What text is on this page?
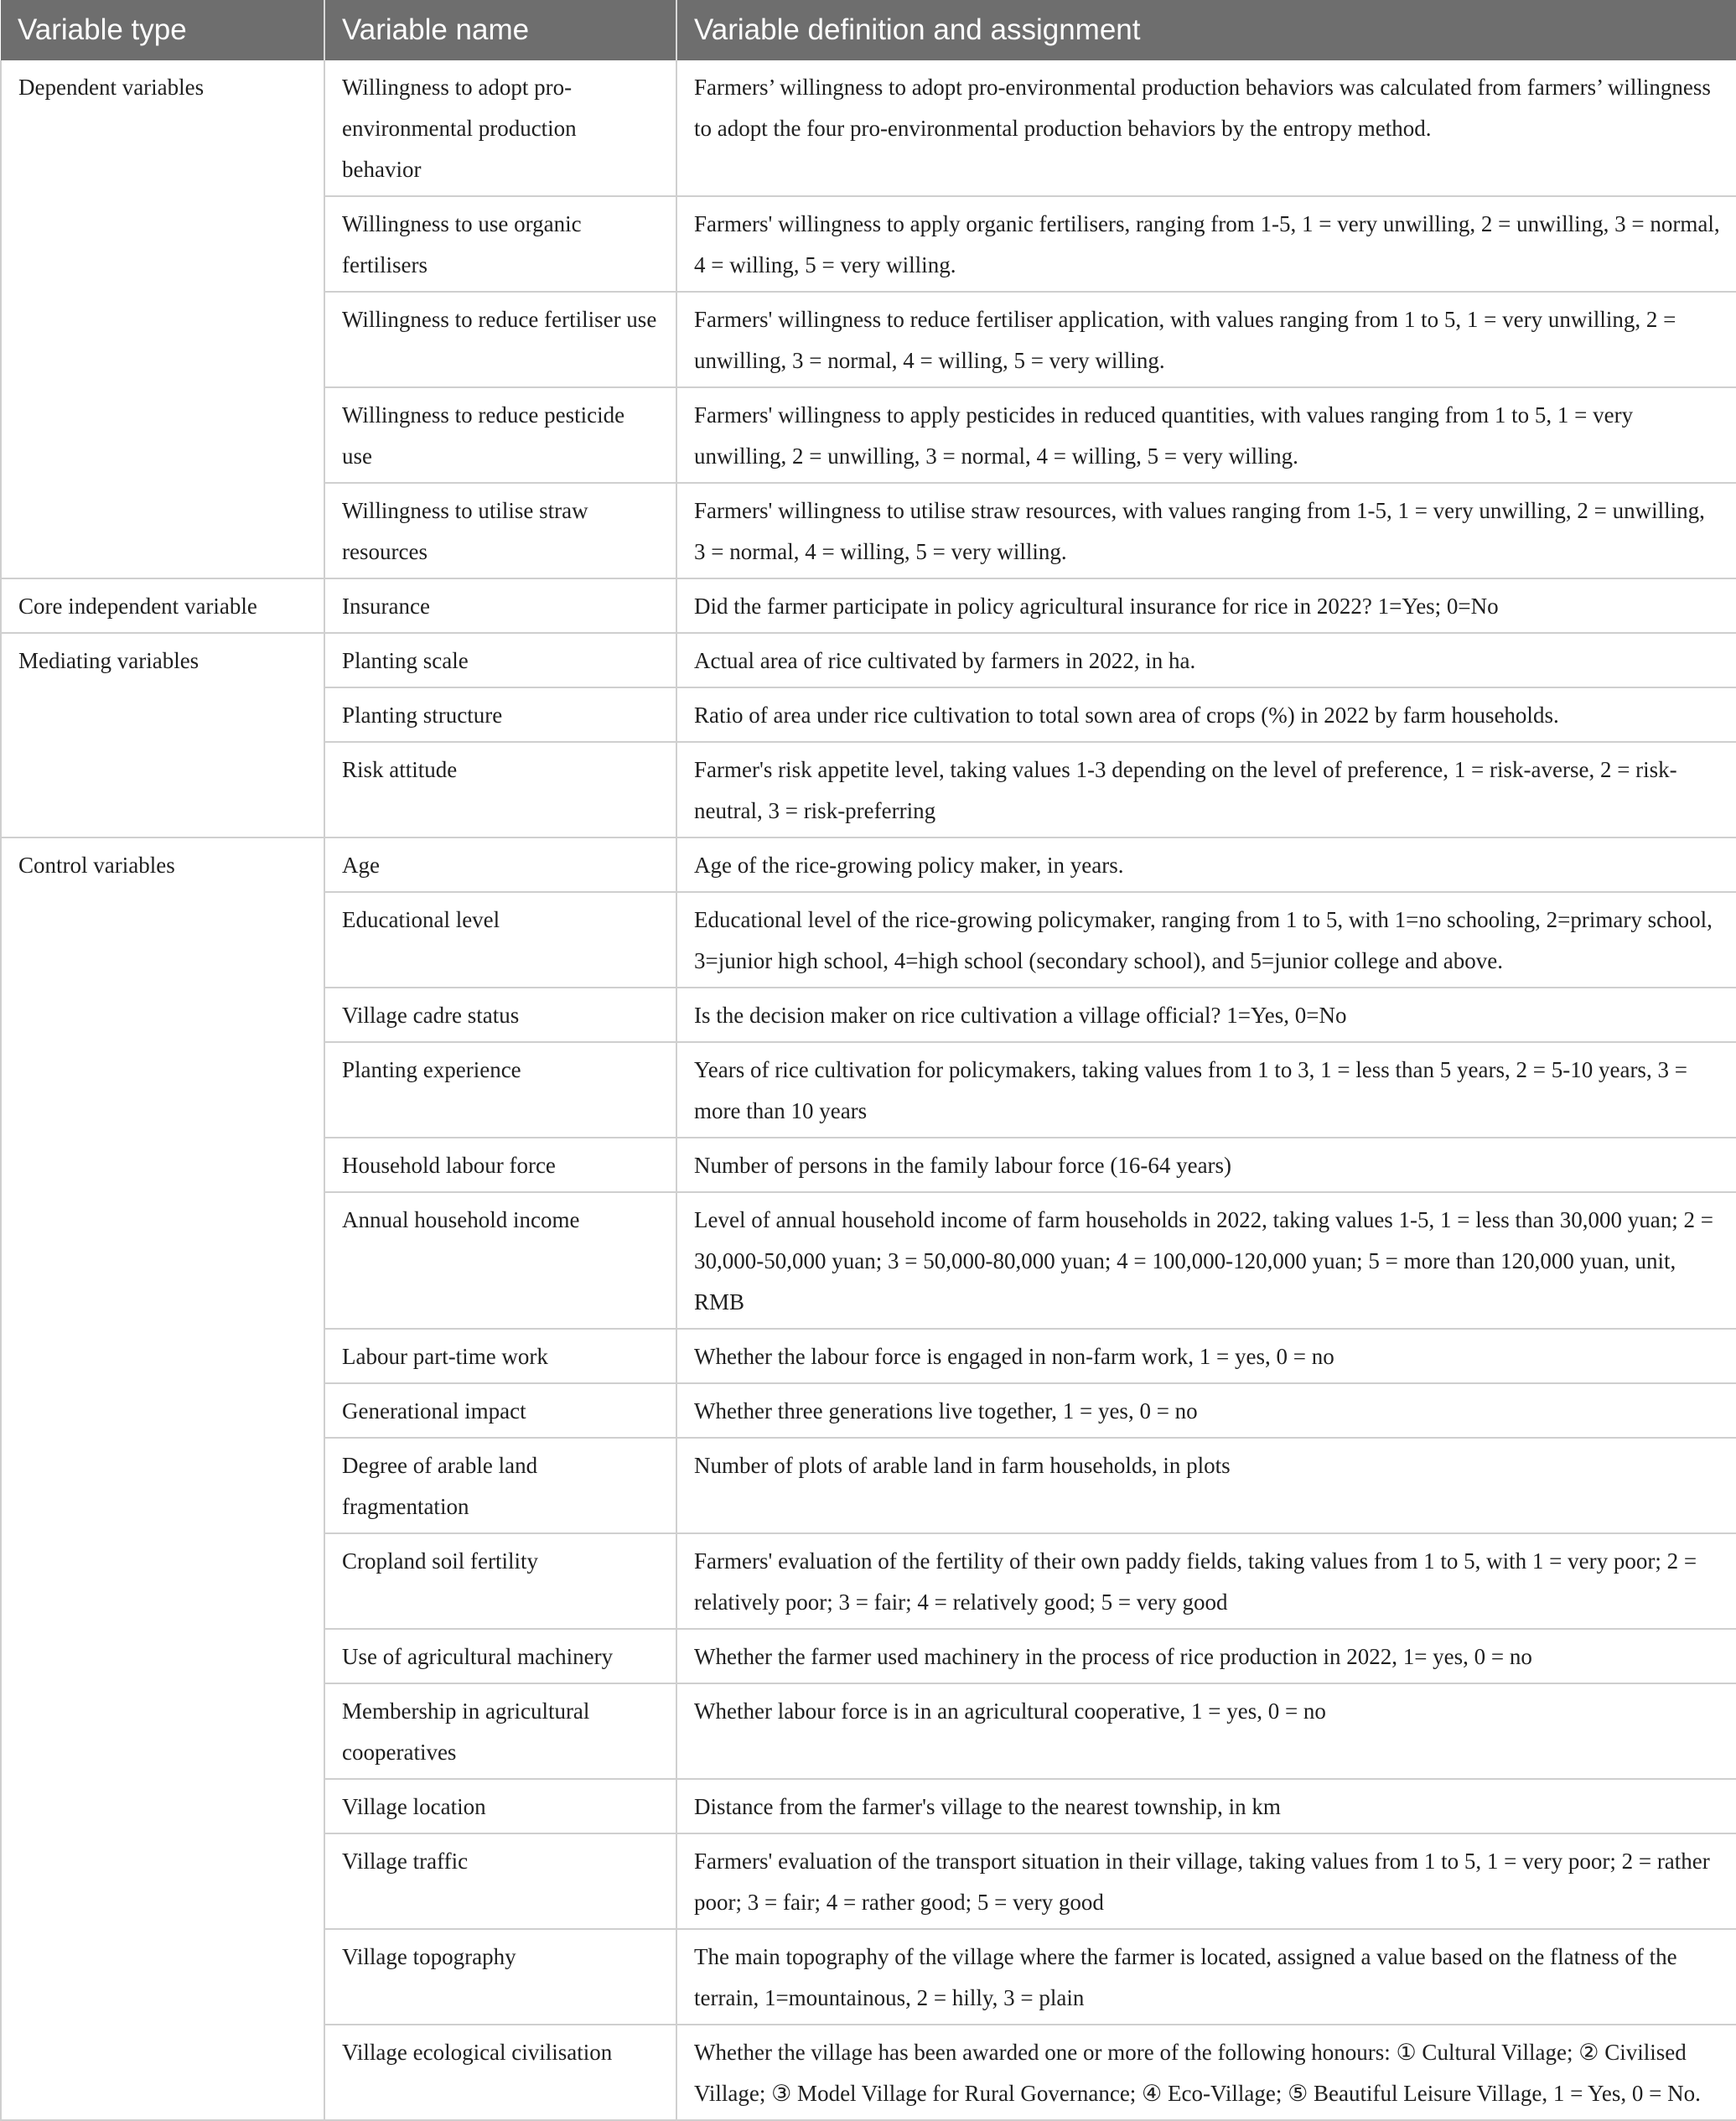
Variable type	Variable name	Variable definition and assignment
Dependent variables	Willingness to adopt pro-environmental production behavior	Farmers’ willingness to adopt pro-environmental production behaviors was calculated from farmers’ willingness to adopt the four pro-environmental production behaviors by the entropy method.
	Willingness to use organic fertilisers	Farmers' willingness to apply organic fertilisers, ranging from 1-5, 1 = very unwilling, 2 = unwilling, 3 = normal, 4 = willing, 5 = very willing.
	Willingness to reduce fertiliser use	Farmers' willingness to reduce fertiliser application, with values ranging from 1 to 5, 1 = very unwilling, 2 = unwilling, 3 = normal, 4 = willing, 5 = very willing.
	Willingness to reduce pesticide use	Farmers' willingness to apply pesticides in reduced quantities, with values ranging from 1 to 5, 1 = very unwilling, 2 = unwilling, 3 = normal, 4 = willing, 5 = very willing.
	Willingness to utilise straw resources	Farmers' willingness to utilise straw resources, with values ranging from 1-5, 1 = very unwilling, 2 = unwilling, 3 = normal, 4 = willing, 5 = very willing.
Core independent variable	Insurance	Did the farmer participate in policy agricultural insurance for rice in 2022? 1=Yes; 0=No
Mediating variables	Planting scale	Actual area of rice cultivated by farmers in 2022, in ha.
	Planting structure	Ratio of area under rice cultivation to total sown area of crops (%) in 2022 by farm households.
	Risk attitude	Farmer's risk appetite level, taking values 1-3 depending on the level of preference, 1 = risk-averse, 2 = risk-neutral, 3 = risk-preferring
Control variables	Age	Age of the rice-growing policy maker, in years.
	Educational level	Educational level of the rice-growing policymaker, ranging from 1 to 5, with 1=no schooling, 2=primary school, 3=junior high school, 4=high school (secondary school), and 5=junior college and above.
	Village cadre status	Is the decision maker on rice cultivation a village official? 1=Yes, 0=No
	Planting experience	Years of rice cultivation for policymakers, taking values from 1 to 3, 1 = less than 5 years, 2 = 5-10 years, 3 = more than 10 years
	Household labour force	Number of persons in the family labour force (16-64 years)
	Annual household income	Level of annual household income of farm households in 2022, taking values 1-5, 1 = less than 30,000 yuan; 2 = 30,000-50,000 yuan; 3 = 50,000-80,000 yuan; 4 = 100,000-120,000 yuan; 5 = more than 120,000 yuan, unit, RMB
	Labour part-time work	Whether the labour force is engaged in non-farm work, 1 = yes, 0 = no
	Generational impact	Whether three generations live together, 1 = yes, 0 = no
	Degree of arable land fragmentation	Number of plots of arable land in farm households, in plots
	Cropland soil fertility	Farmers' evaluation of the fertility of their own paddy fields, taking values from 1 to 5, with 1 = very poor; 2 = relatively poor; 3 = fair; 4 = relatively good; 5 = very good
	Use of agricultural machinery	Whether the farmer used machinery in the process of rice production in 2022, 1= yes, 0 = no
	Membership in agricultural cooperatives	Whether labour force is in an agricultural cooperative, 1 = yes, 0 = no
	Village location	Distance from the farmer's village to the nearest township, in km
	Village traffic	Farmers' evaluation of the transport situation in their village, taking values from 1 to 5, 1 = very poor; 2 = rather poor; 3 = fair; 4 = rather good; 5 = very good
	Village topography	The main topography of the village where the farmer is located, assigned a value based on the flatness of the terrain, 1=mountainous, 2 = hilly, 3 = plain
	Village ecological civilisation	Whether the village has been awarded one or more of the following honours: ① Cultural Village; ② Civilised Village; ③ Model Village for Rural Governance; ④ Eco-Village; ⑤ Beautiful Leisure Village, 1 = Yes, 0 = No.
